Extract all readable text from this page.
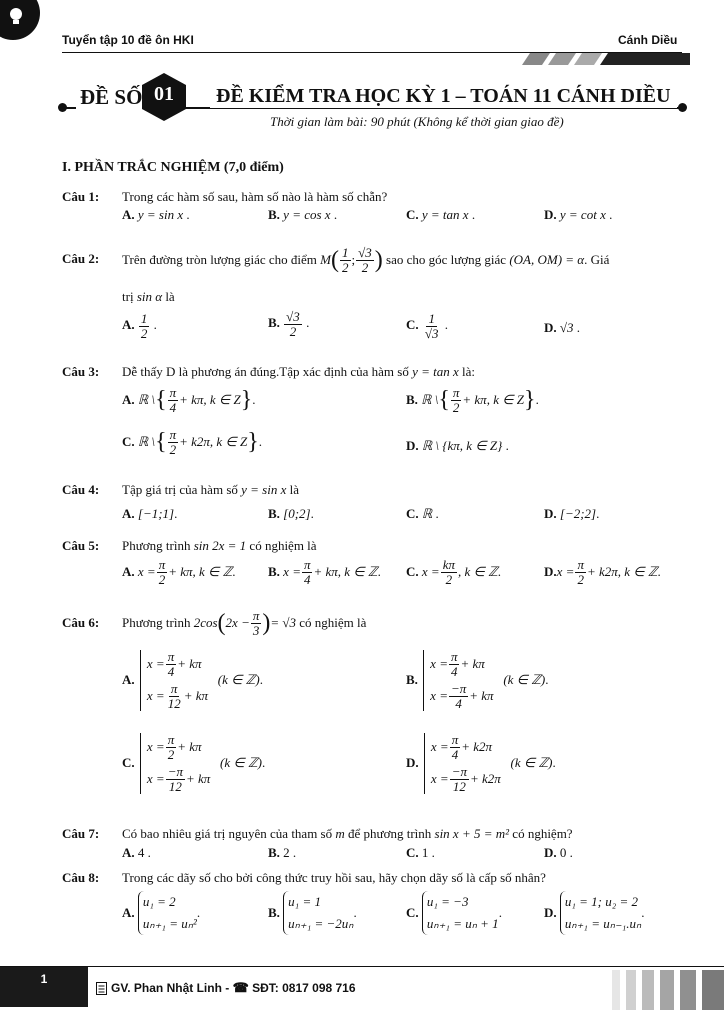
Tuyển tập 10 đề ôn HKI	Cánh Diều
ĐỀ SỐ 01	ĐỀ KIỂM TRA HỌC KỲ 1 – TOÁN 11 CÁNH DIỀU
Thời gian làm bài: 90 phút (Không kể thời gian giao đề)
I. PHẦN TRẮC NGHIỆM (7,0 điểm)
Câu 1: Trong các hàm số sau, hàm số nào là hàm số chẵn?
A. y = sin x .	B. y = cos x .	C. y = tan x .	D. y = cot x .
Câu 2: Trên đường tròn lượng giác cho điểm
M ( 1
2 ; √3
2 )
sao cho góc lượng giác
(OA, OM) = α . Giá
trị sin α là
A. $\frac{1}{2}$ .	B. $\frac{√3}{2}$ .	C. $\frac{1}{√3}$ .	D. √3 .
Câu 3: Dễ thấy D là phương án đúng.Tập xác định của hàm số y = tan x là:
A.
ℝ \ { π
4 + kπ, k ∈ Z } .	B.
ℝ \ { π
2 + kπ, k ∈ Z } .
C.
ℝ \ { π
2 + k2π, k ∈ Z } .	D. ℝ \ {kπ, k ∈ Z} .
Câu 4: Tập giá trị của hàm số y = sin x là
A. [−1;1].	B. [0;2].	C. ℝ .	D. [−2;2].
Câu 5: Phương trình sin 2x = 1 có nghiệm là
A.
$x = \frac{\pi}{2} + k\pi$, k ∈ ℤ . B.
$x = \frac{\pi}{4} + k\pi$, k ∈ ℤ . C.
$x = \frac{k\pi}{2}$ , k ∈ ℤ .	D. $x = \frac{\pi}{2} + k2\pi$, k ∈ ℤ .
Câu 6: Phương trình
2cos ( $2x - \frac{\pi}{3}$ ) = √3
có nghiệm là
A.

x = π
4
+ kπ
x = π
12
+ kπ

(k ∈ ℤ) .	B.

x = π
4
+ kπ
x = −π
4
+ kπ

(k ∈ ℤ) .
C.

x = π
2
+ kπ
x = −π
12
+ kπ

(k ∈ ℤ) .	D.

x = π
4
+ k2π
x = −π
12
+ k2π

(k ∈ ℤ) .
Câu 7: Có bao nhiêu giá trị nguyên của tham số m để phương trình sin x + 5 = m² có nghiệm?
A. 4 .	B. 2 .	C. 1 .	D. 0 .
Câu 8: Trong các dãy số cho bởi công thức truy hồi sau, hãy chọn dãy số là cấp số nhân?
A.

u₁ = 2
uₙ₊₁ = uₙ²
.	B.

u₁ = 1
uₙ₊₁ = −2uₙ
.	C.

u₁ = −3
uₙ₊₁ = uₙ + 1
.	D.

u₁ = 1; u₂ = 2
uₙ₊₁ = uₙ₋₁.uₙ
.
1
GV. Phan Nhật Linh - ☎
SĐT: 0817 098 716
